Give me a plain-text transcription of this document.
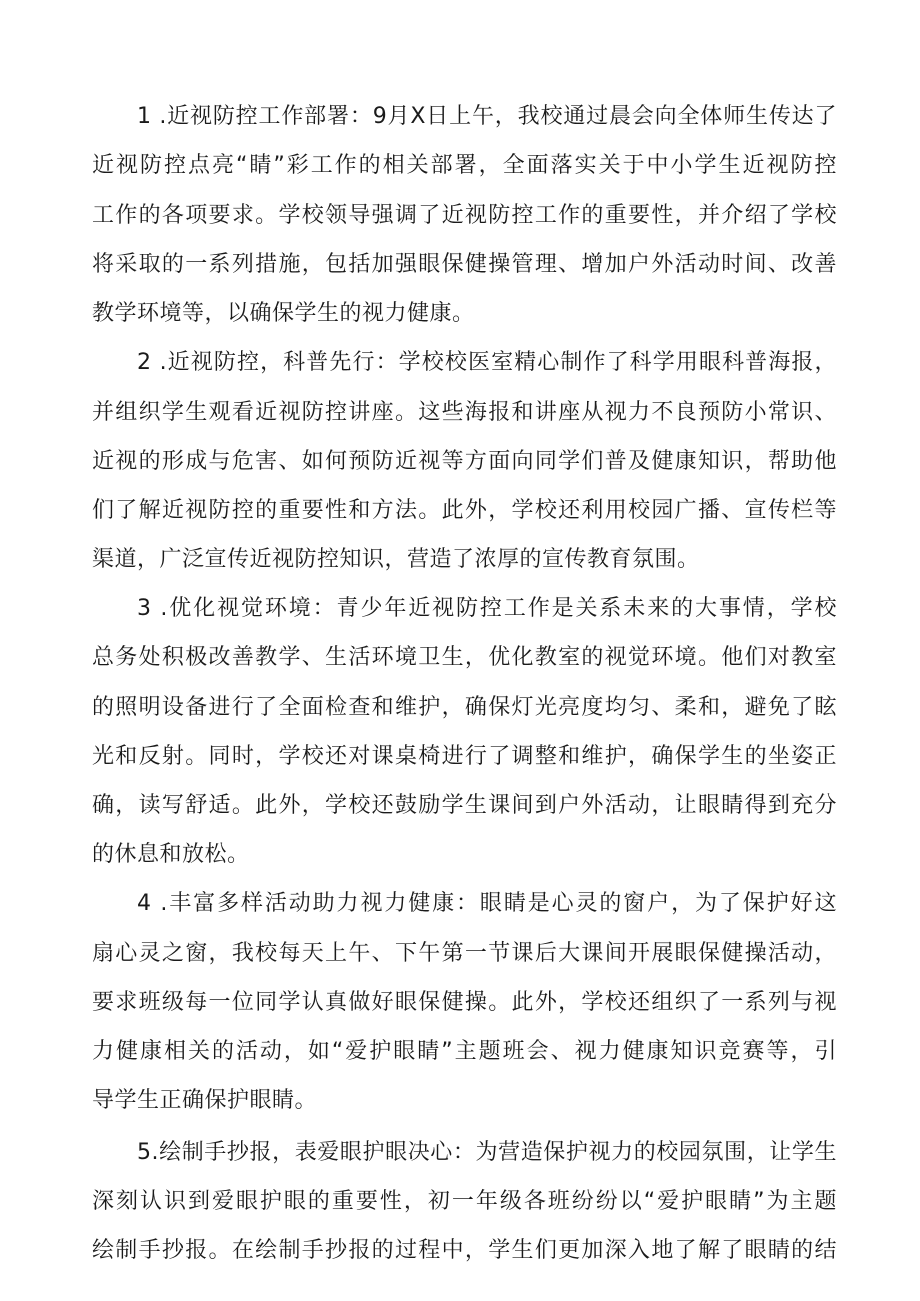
1 .近视防控工作部署：9月X日上午，我校通过晨会向全体师生传达了
近视防控点亮“睛”彩工作的相关部署，全面落实关于中小学生近视防控
工作的各项要求。学校领导强调了近视防控工作的重要性，并介绍了学校
将采取的一系列措施，包括加强眼保健操管理、增加户外活动时间、改善
教学环境等，以确保学生的视力健康。
2 .近视防控，科普先行：学校校医室精心制作了科学用眼科普海报，
并组织学生观看近视防控讲座。这些海报和讲座从视力不良预防小常识、
近视的形成与危害、如何预防近视等方面向同学们普及健康知识，帮助他
们了解近视防控的重要性和方法。此外，学校还利用校园广播、宣传栏等
渠道，广泛宣传近视防控知识，营造了浓厚的宣传教育氛围。
3 .优化视觉环境：青少年近视防控工作是关系未来的大事情，学校
总务处积极改善教学、生活环境卫生，优化教室的视觉环境。他们对教室
的照明设备进行了全面检查和维护，确保灯光亮度均匀、柔和，避免了眩
光和反射。同时，学校还对课桌椅进行了调整和维护，确保学生的坐姿正
确，读写舒适。此外，学校还鼓励学生课间到户外活动，让眼睛得到充分
的休息和放松。
4 .丰富多样活动助力视力健康：眼睛是心灵的窗户，为了保护好这
扇心灵之窗，我校每天上午、下午第一节课后大课间开展眼保健操活动，
要求班级每一位同学认真做好眼保健操。此外，学校还组织了一系列与视
力健康相关的活动，如“爱护眼睛”主题班会、视力健康知识竞赛等，引
导学生正确保护眼睛。
5.绘制手抄报，表爱眼护眼决心：为营造保护视力的校园氛围，让学生
深刻认识到爱眼护眼的重要性，初一年级各班纷纷以“爱护眼睛”为主题
绘制手抄报。在绘制手抄报的过程中，学生们更加深入地了解了眼睛的结
